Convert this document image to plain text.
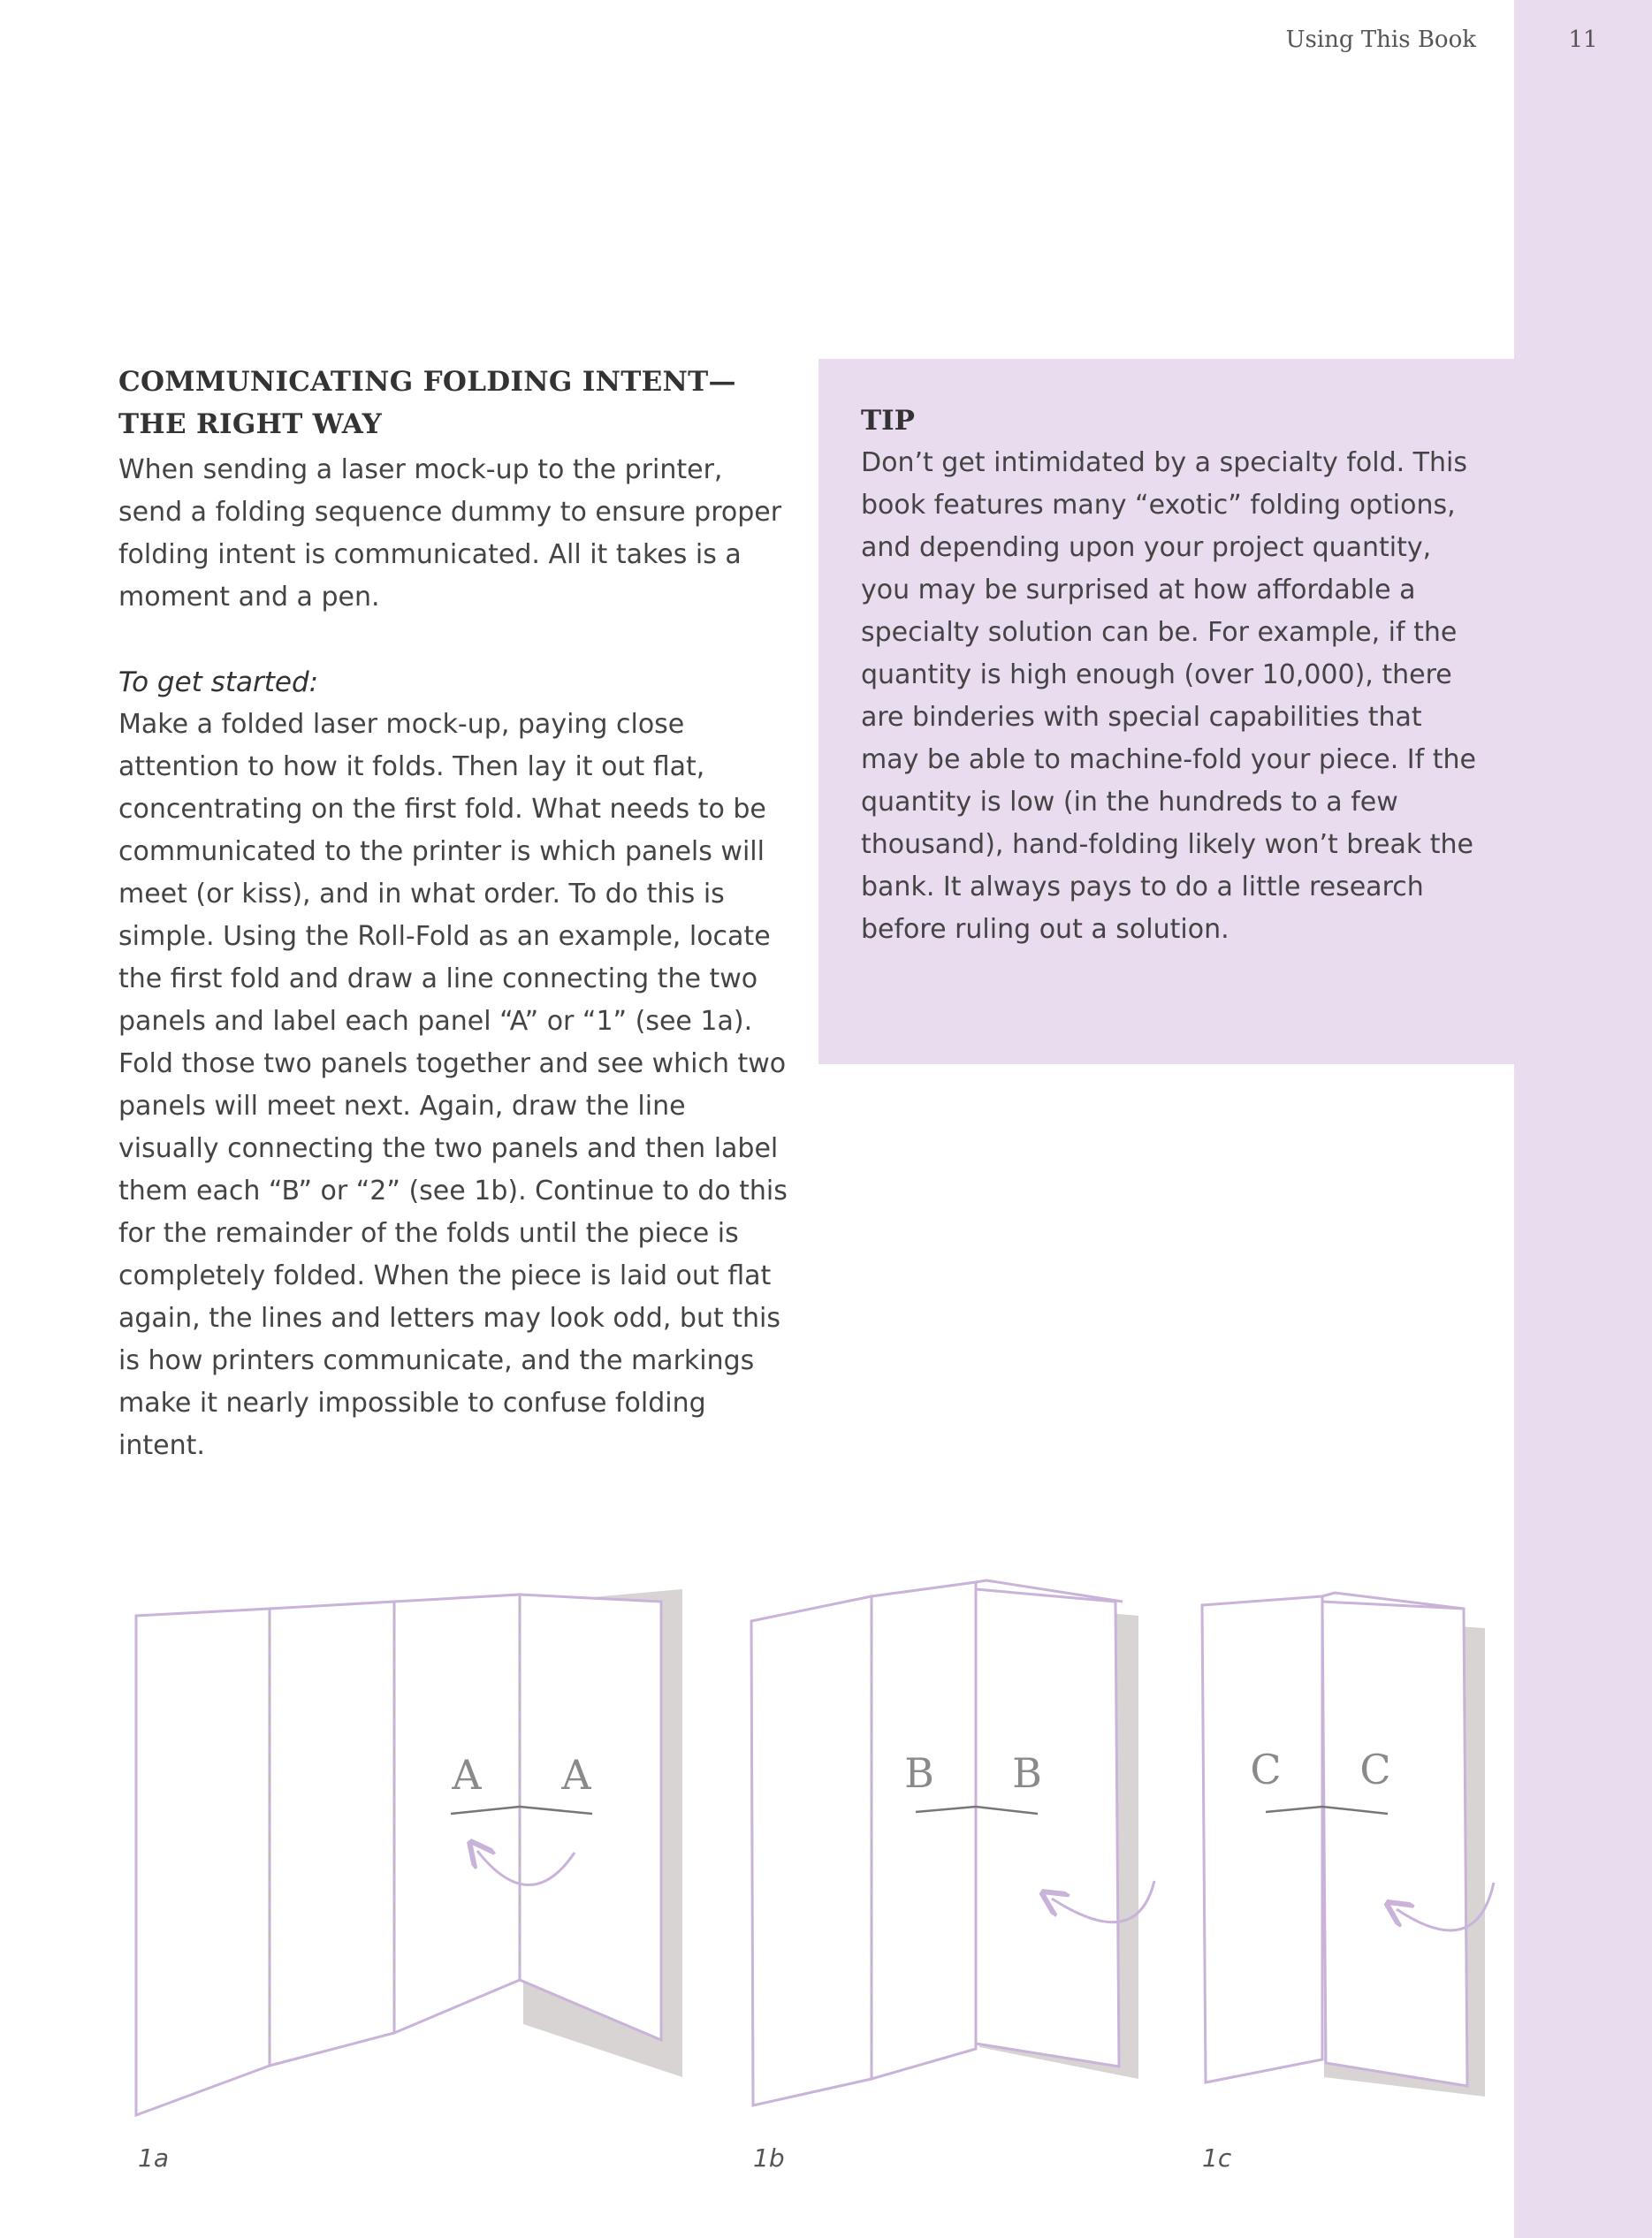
Using This Book	11
COMMUNICATING FOLDING INTENT—
THE RIGHT WAY

When sending a laser mock-up to the printer, send a folding sequence dummy to ensure proper folding intent is communicated. All it takes is a moment and a pen.

To get started:

Make a folded laser mock-up, paying close attention to how it folds. Then lay it out flat, concentrating on the first fold. What needs to be communicated to the printer is which panels will meet (or kiss), and in what order. To do this is simple. Using the Roll-Fold as an example, locate the first fold and draw a line connecting the two panels and label each panel “A” or “1” (see 1a). Fold those two panels together and see which two panels will meet next. Again, draw the line visually connecting the two panels and then label them each “B” or “2” (see 1b). Continue to do this for the remainder of the folds until the piece is completely folded. When the piece is laid out flat again, the lines and letters may look odd, but this is how printers communicate, and the markings make it nearly impossible to confuse folding intent.

TIP

Don’t get intimidated by a specialty fold. This book features many “exotic” folding options, and depending upon your project quantity, you may be surprised at how affordable a specialty solution can be. For example, if the quantity is high enough (over 10,000), there are binderies with special capabilities that may be able to machine-fold your piece. If the quantity is low (in the hundreds to a few thousand), hand-folding likely won’t break the bank. It always pays to do a little research before ruling out a solution.

A A	B B	C C
1a	1b	1c
